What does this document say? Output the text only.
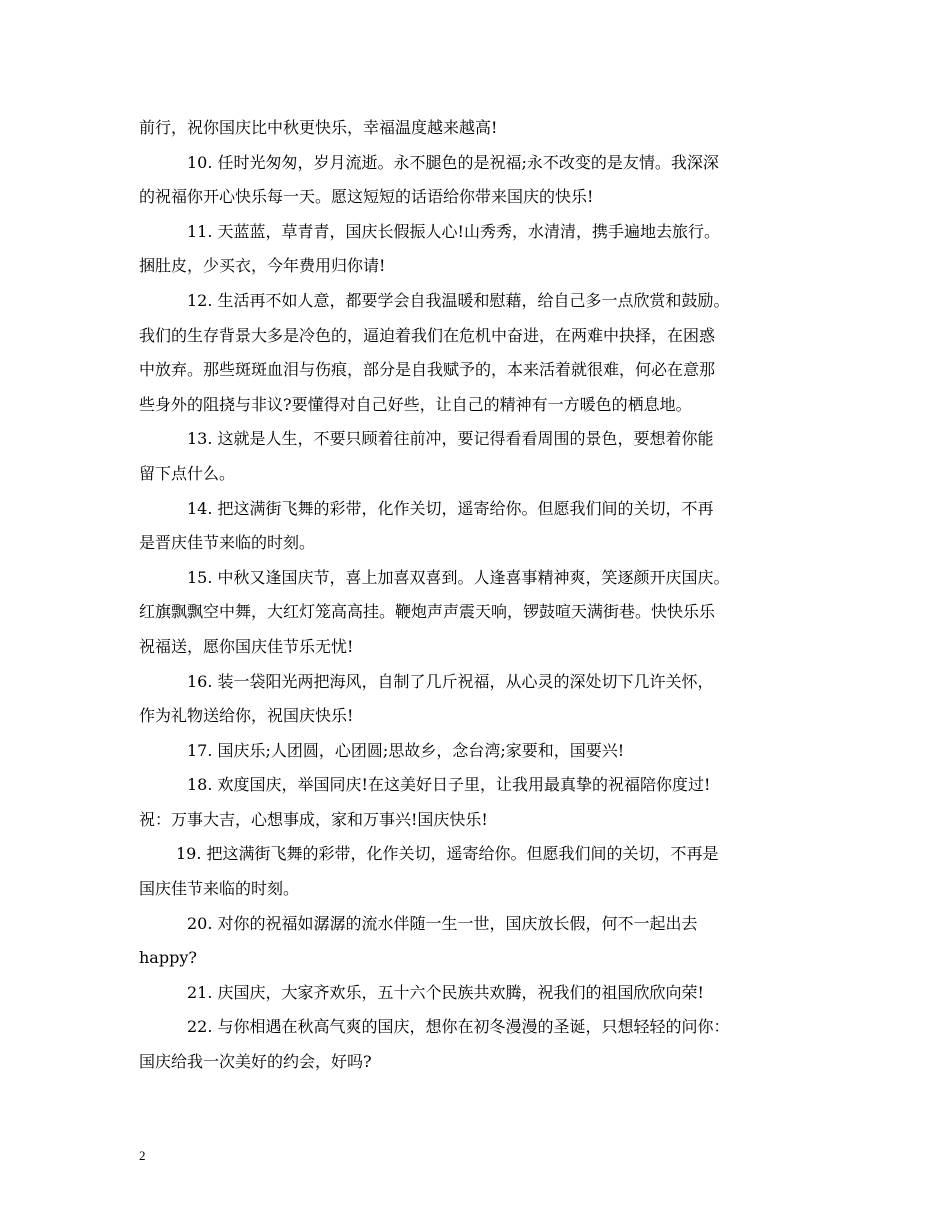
前行，祝你国庆比中秋更快乐，幸福温度越来越高!

10. 任时光匆匆，岁月流逝。永不腿色的是祝福;永不改变的是友情。我深深
的祝福你开心快乐每一天。愿这短短的话语给你带来国庆的快乐!

11. 天蓝蓝，草青青，国庆长假振人心!山秀秀，水清清，携手遍地去旅行。
捆肚皮，少买衣，今年费用归你请!

12. 生活再不如人意，都要学会自我温暖和慰藉，给自己多一点欣赏和鼓励。
我们的生存背景大多是冷色的，逼迫着我们在危机中奋进，在两难中抉择，在困惑
中放弃。那些斑斑血泪与伤痕，部分是自我赋予的，本来活着就很难，何必在意那
些身外的阻挠与非议?要懂得对自己好些，让自己的精神有一方暖色的栖息地。

13. 这就是人生，不要只顾着往前冲，要记得看看周围的景色，要想着你能
留下点什么。

14. 把这满街飞舞的彩带，化作关切，遥寄给你。但愿我们间的关切，不再
是晋庆佳节来临的时刻。

15. 中秋又逢国庆节，喜上加喜双喜到。人逢喜事精神爽，笑逐颜开庆国庆。
红旗飘飘空中舞，大红灯笼高高挂。鞭炮声声震天响，锣鼓喧天满街巷。快快乐乐
祝福送，愿你国庆佳节乐无忧!

16. 装一袋阳光两把海风，自制了几斤祝福，从心灵的深处切下几许关怀，
作为礼物送给你，祝国庆快乐!

17. 国庆乐;人团圆，心团圆;思故乡，念台湾;家要和，国要兴!

18. 欢度国庆，举国同庆!在这美好日子里，让我用最真挚的祝福陪你度过!
祝：万事大吉，心想事成，家和万事兴!国庆快乐!

19. 把这满街飞舞的彩带，化作关切，遥寄给你。但愿我们间的关切，不再是
国庆佳节来临的时刻。

20. 对你的祝福如潺潺的流水伴随一生一世，国庆放长假，何不一起出去
happy?

21. 庆国庆，大家齐欢乐，五十六个民族共欢腾，祝我们的祖国欣欣向荣!

22. 与你相遇在秋高气爽的国庆，想你在初冬漫漫的圣诞，只想轻轻的问你：
国庆给我一次美好的约会，好吗?

2
